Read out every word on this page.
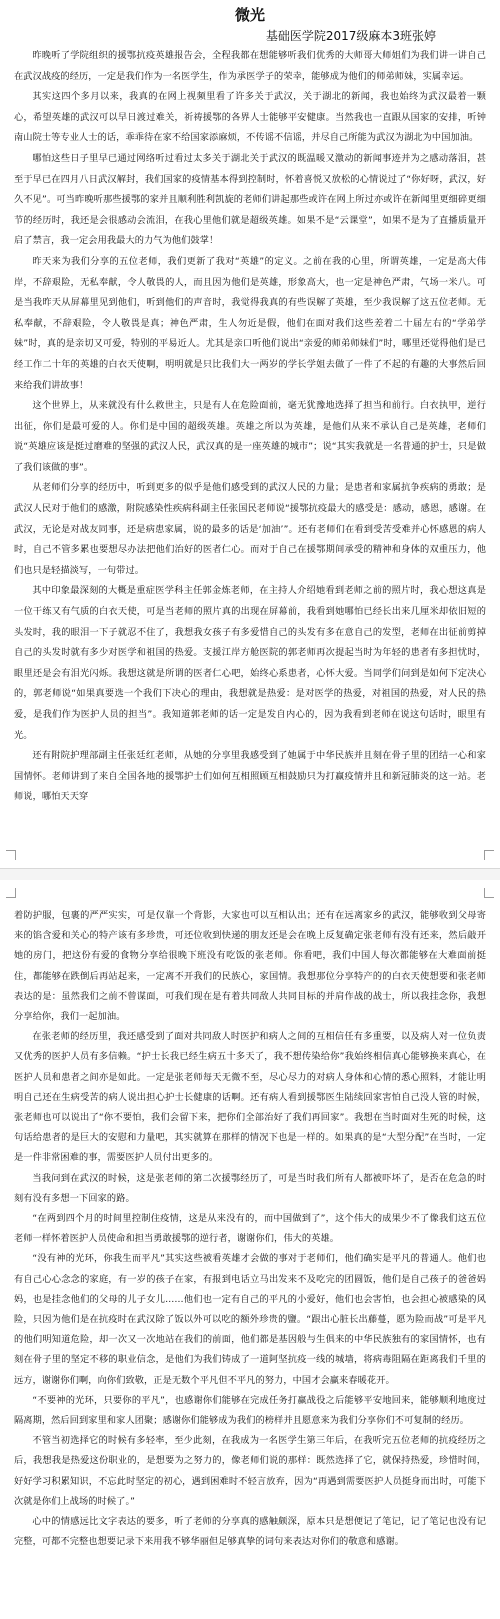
微光

基础医学院2017级麻本3班张婷

昨晚听了学院组织的援鄂抗疫英雄报告会，全程我都在想能够听我们优秀的大师哥大师姐们为我们讲一讲自己在武汉战疫的经历，一定是我们作为一名医学生，作为承医学子的荣幸，能够成为他们的师弟师妹，实属幸运。

其实这四个多月以来，我真的在网上视频里看了许多关于武汉，关于湖北的新闻，我也始终为武汉最着一颗心，希望英雄的武汉可以早日渡过难关，祈祷援鄂的各界人士能够平安健康。当然我也一直跟从国家的安排，听钟南山院士等专业人士的话，乖乖待在家不给国家添麻烦，不传谣不信谣，并尽自己所能为武汉为湖北为中国加油。

哪怕这些日子里早已通过网络听过看过太多关于湖北关于武汉的既温暖又激动的新闻事迹并为之感动落泪，甚至于早已在四月八日武汉解封，我们国家的疫情基本得到控制时，怀着喜悦又放松的心情说过了“你好呀，武汉，好久不见”。可当昨晚听那些援鄂的家并且顺利胜利凯旋的老师们讲起那些或许在网上所过亦或许在新闻里更细碎更细节的经历时，我还是会很感动会流泪，在我心里他们就是超级英雄。如果不是“云课堂”，如果不是为了直播质量开启了禁言，我一定会用我最大的力气为他们鼓掌！

昨天来为我们分享的五位老师，我们更新了我对“英雄”的定义。之前在我的心里，所谓英雄，一定是高大伟岸，不辞艰险，无私奉献，令人敬畏的人，而且因为他们是英雄，形象高大，也一定是神色严肃，气场一米八。可是当我昨天从屏幕里见到他们，听到他们的声音时，我觉得我真的有些误解了英雄，至少我误解了这五位老师。无私奉献，不辞艰险，令人敬畏是真；神色严肃，生人勿近是假，他们在面对我们这些差着二十届左右的“学弟学妹”时，真的是亲切又可爱，特别的平易近人。尤其是亲口听他们说出“亲爱的师弟师妹们”时，哪里还觉得他们是已经工作二十年的英雄的白衣天使啊，明明就是只比我们大一两岁的学长学姐去做了一件了不起的有趣的大事然后回来给我们讲故事！

这个世界上，从来就没有什么救世主，只是有人在危险面前，毫无犹豫地选择了担当和前行。白衣执甲，逆行出征，你们是最可爱的人。你们是中国的超级英雄。英雄之所以为英雄，是他们从来不承认自己是英雄，老师们说“英雄应该是挺过磨难的坚强的武汉人民，武汉真的是一座英雄的城市”；说“其实我就是一名普通的护士，只是做了我们该做的事”。

从老师们分享的经历中，听到更多的似乎是他们感受到的武汉人民的力量；是患者和家属抗争疾病的勇敢；是武汉人民对于他们的感激，附院感染性疾病科副主任张国民老师说“援鄂抗疫最大的感受是：感动，感恩，感谢。在武汉，无论是对战友同事，还是病患家属，说的最多的话是‘加油’”。还有老师们在看到受苦受难并心怀感恩的病人时，自己不管多累也要想尽办法把他们治好的医者仁心。而对于自己在援鄂期间承受的精神和身体的双重压力，他们也只是轻描淡写，一句带过。

其中印象最深刻的大概是重症医学科主任郭金炼老师，在主持人介绍她看到老师之前的照片时，我心想这真是一位干练又有气质的白衣天使，可是当老师的照片真的出现在屏幕前，我看到她哪怕已经长出来几厘米却依旧短的头发时，我的眼泪一下子就忍不住了，我想我女孩子有多爱惜自己的头发有多在意自己的发型，老师在出征前剪掉自己的头发时就有多少对医学和祖国的热爱。支援江岸方舱医院的郭老师再次提起当时为年轻的患者有多担忧时，眼里还是会有泪光闪烁。我想这就是所谓的医者仁心吧，始终心系患者，心怀大爱。当同学们问到是如何下定决心的，郭老师说“如果真要选一个我们下决心的理由，我想就是热爱：是对医学的热爱，对祖国的热爱，对人民的热爱，是我们作为医护人员的担当”。我知道郭老师的话一定是发自内心的，因为我看到老师在说这句话时，眼里有光。

还有附院护理部副主任张廷红老师，从她的分享里我感受到了她属于中华民族并且刻在骨子里的团结一心和家国情怀。老师讲到了来自全国各地的援鄂护士们如何互相照顾互相鼓励只为打赢疫情并且和新冠肺炎的这一站。老师说，哪怕天天穿

着防护服，包裹的严严实实，可是仅靠一个背影，大家也可以互相认出；还有在远离家乡的武汉，能够收到父母寄来的馅含爱和关心的特产该有多珍贵，可还位收到快递的朋友还是会在晚上反复确定张老师有没有还来，然后敲开她的房门，把这份有爱的食物分享给很晚下班没有吃饭的张老师。你看吧，我们中国人每次都能够在大难面前挺住，都能够在跌倒后再站起来，一定离不开我们的民族心，家国情。我想那位分享特产的的白衣天使想要和张老师表达的是：虽然我们之前不曾谋面，可我们现在是有着共同敌人共同目标的并肩作战的战士，所以我挂念你，我想分享给你，我们一起加油。

在张老师的经历里，我还感受到了面对共同敌人时医护和病人之间的互相信任有多重要，以及病人对一位负责又优秀的医护人员有多信赖。“护士长我已经生病五十多天了，我不想传染给你”我始终相信真心能够换来真心，在医护人员和患者之间亦是如此。一定是张老师每天无微不至，尽心尽力的对病人身体和心情的悉心照料，才能让明明自己还在生病受苦的病人说出担心护士长健康的话啊。还有病人看到援鄂医生陆续回家害怕自己没人管的时候，张老师也可以说出了“你不要怕，我们会留下来，把你们全部治好了我们再回家”。我想在当时面对生死的时候，这句话给患者的是巨大的安慰和力量吧，其实就算在那样的情况下也是一样的。如果真的是“大型分配”在当时，一定是一件非常困难的事，需要医护人员付出更多的。

当我问到在武汉的时候，这是张老师的第二次援鄂经历了，可是当时我们所有人都被吓坏了，是否在危急的时刻有没有多想一下回家的路。

“在两到四个月的时间里控制住疫情，这是从来没有的，而中国做到了”，这个伟大的成果少不了像我们这五位老师一样怀着医护人员使命和担当勇敢援鄂的逆行者，谢谢你们，伟大的英雄。

“没有神的光环，你我生而平凡”其实这些被看英雄才会做的事对于老师们，他们确实是平凡的普通人。他们也有自己心心念念的家庭，有一岁的孩子在家，有报到电话立马出发来不及吃完的团圆饭，他们是自己孩子的爸爸妈妈，也是挂念他们的父母的儿子女儿……他们也一定有自己的平凡的小爱好，他们也会害怕，也会担心被感染的风险，只因为他们是在抗疫时在武汉除了饭以外可以吃的额外珍贵的鹽。“跟出心脏长出藤蔓，愿为险而战”可是平凡的他们明知道危险，却一次又一次地站在我们的前面，他们都是基因般与生俱来的中华民族独有的家国情怀，也有刻在骨子里的坚定不移的职业信念，是他们为我们铸成了一道阿坚抗疫一线的城墙，将病毒阻隔在距离我们千里的远方，谢谢你们啊，向你们致敬，正是无数个平凡但不平凡的努力，中国才会赢来春暖花开。

“不要神的光环，只要你的平凡”，也感谢你们能够在完成任务打赢战役之后能够平安地回来，能够顺利地度过隔离期，然后回到家里和家人团聚；感谢你们能够成为我们的榜样并且愿意来为我们分享你们不可复制的经历。

不管当初选择它的时候有多轻率，至少此刻，在我成为一名医学生第三年后，在我听完五位老师的抗疫经历之后，我想我是热爱这份职业的，是想要为之努力的，像老师们说的那样：既然选择了它，就保持热爱，珍惜时间，好好学习积累知识，不忘此时坚定的初心，遇到困难时不轻言放弃，因为“再遇到需要医护人员挺身而出时，可能下次就是你们上战场的时候了。”

心中的情感远比文字表达的要多，听了老师的分享真的感触颇深，原本只是想便记了笔记，记了笔记也没有记完整，可都不完整也想要记录下来用我不够华丽但足够真挚的词句来表达对你们的敬意和感谢。
